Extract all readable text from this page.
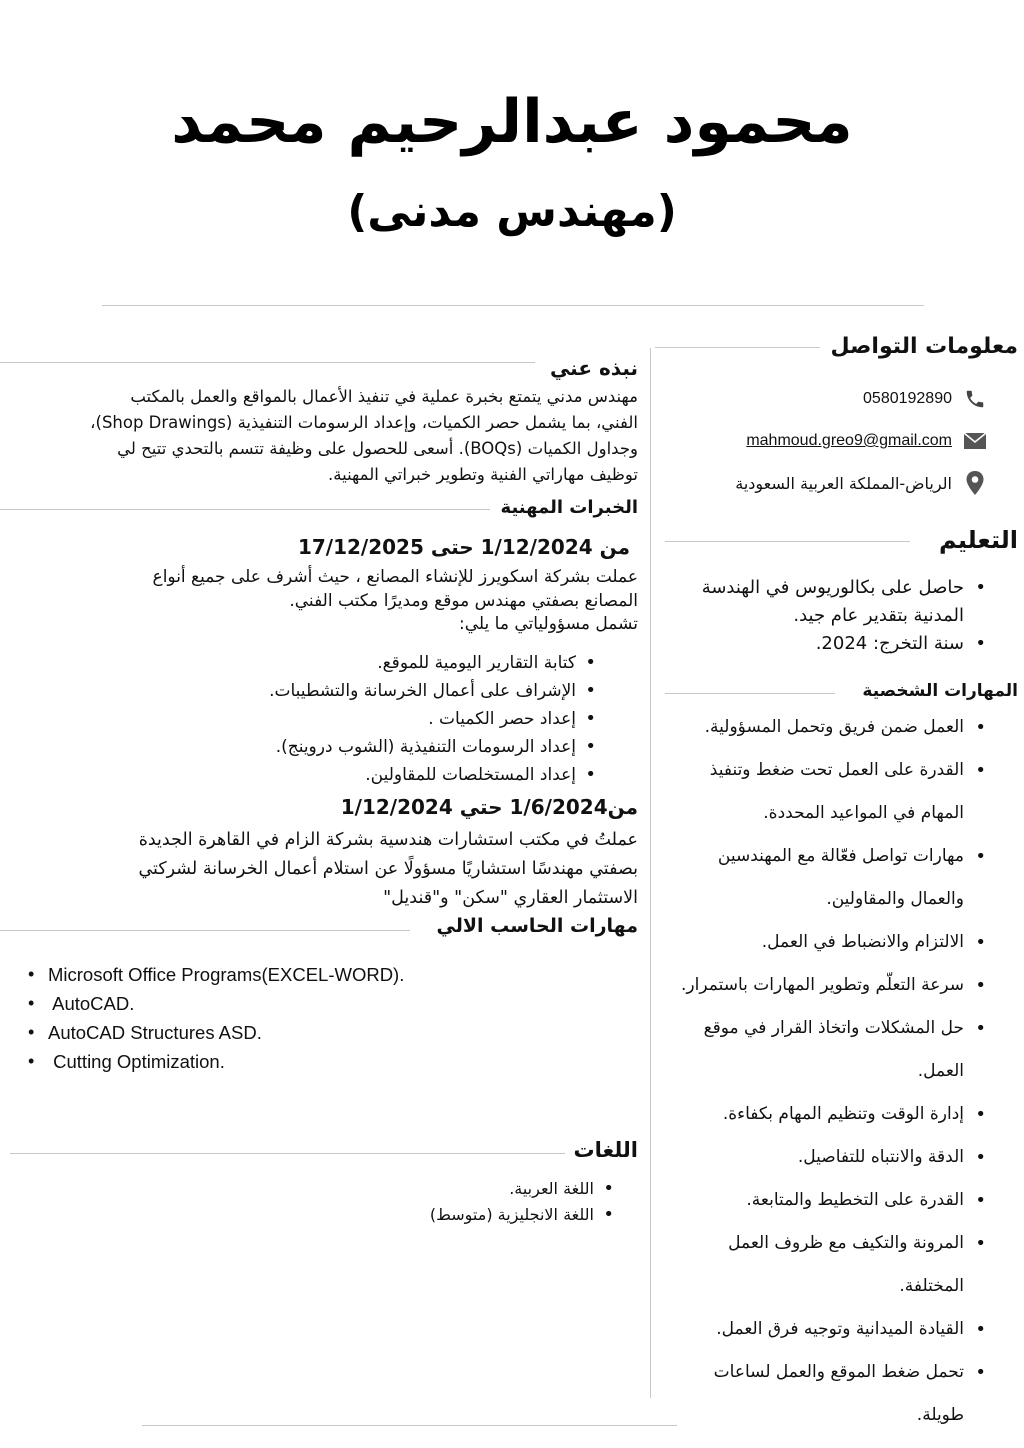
محمود عبدالرحيم محمد
(مهندس مدنى)
معلومات التواصل
0580192890
mahmoud.greo9@gmail.com
الرياض-المملكة العربية السعودية
التعليم
• حاصل على بكالوريوس في الهندسة المدنية بتقدير عام جيد.
• سنة التخرج: 2024.
المهارات الشخصية
• العمل ضمن فريق وتحمل المسؤولية.
• القدرة على العمل تحت ضغط وتنفيذ
المهام في المواعيد المحددة.
• مهارات تواصل فعّالة مع المهندسين
والعمال والمقاولين.
• الالتزام والانضباط في العمل.
• سرعة التعلّم وتطوير المهارات باستمرار.
• حل المشكلات واتخاذ القرار في موقع
العمل.
• إدارة الوقت وتنظيم المهام بكفاءة.
• الدقة والانتباه للتفاصيل.
• القدرة على التخطيط والمتابعة.
• المرونة والتكيف مع ظروف العمل
المختلفة.
• القيادة الميدانية وتوجيه فرق العمل.
• تحمل ضغط الموقع والعمل لساعات
طويلة.
نبذه عني
مهندس مدني يتمتع بخبرة عملية في تنفيذ الأعمال بالمواقع والعمل بالمكتب
الفني، بما يشمل حصر الكميات، وإعداد الرسومات التنفيذية (Shop Drawings)،
وجداول الكميات (BOQs). أسعى للحصول على وظيفة تتسم بالتحدي تتيح لي
توظيف مهاراتي الفنية وتطوير خبراتي المهنية.
الخبرات المهنية
من 1/12/2024 حتى 17/12/2025
عملت بشركة اسكويرز للإنشاء المصانع ، حيث أشرف على جميع أنواع
المصانع بصفتي مهندس موقع ومديرًا مكتب الفني.
تشمل مسؤولياتي ما يلي:
• كتابة التقارير اليومية للموقع.
• الإشراف على أعمال الخرسانة والتشطيبات.
• إعداد حصر الكميات .
• إعداد الرسومات التنفيذية (الشوب دروينج).
• إعداد المستخلصات للمقاولين.
من1/6/2024 حتي 1/12/2024
عملتُ في مكتب استشارات هندسية بشركة الزام في القاهرة الجديدة
بصفتي مهندسًا استشاريًا مسؤولًا عن استلام أعمال الخرسانة لشركتي
الاستثمار العقاري "سكن" و"قنديل"
مهارات الحاسب الالي
• Microsoft Office Programs(EXCEL-WORD).
•  AutoCAD.
• AutoCAD Structures ASD.
•  Cutting Optimization.
اللغات
• اللغة العربية.
• اللغة الانجليزية (متوسط)
